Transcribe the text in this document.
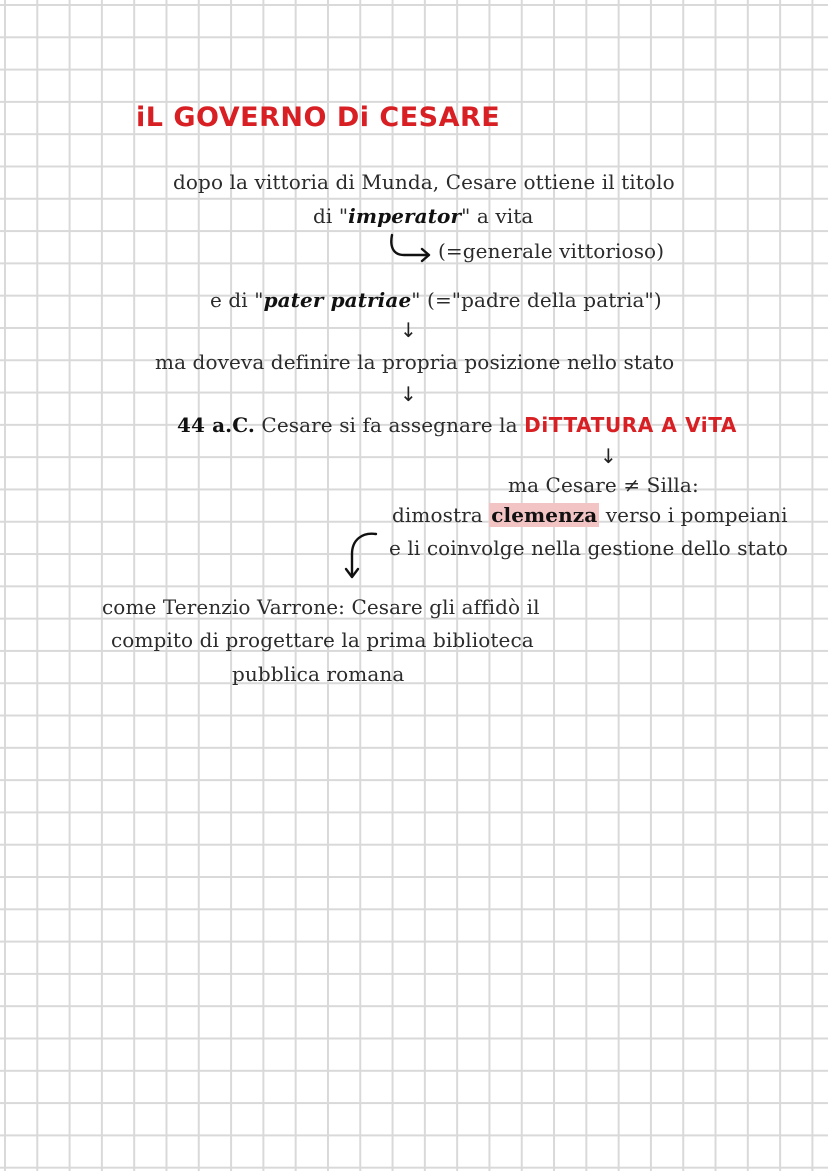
iL GOVERNO Di CESARE
dopo la vittoria di Munda, Cesare ottiene il titolo
di "imperator" a vita
(=generale vittorioso)
e di "pater patriae" (="padre della patria")
↓
ma doveva definire la propria posizione nello stato
↓
44 a.C. Cesare si fa assegnare la DiTTATURA A ViTA
↓
ma Cesare ≠ Silla:
dimostra clemenza verso i pompeiani
e li coinvolge nella gestione dello stato
come Terenzio Varrone: Cesare gli affidò il
compito di progettare la prima biblioteca
pubblica romana
